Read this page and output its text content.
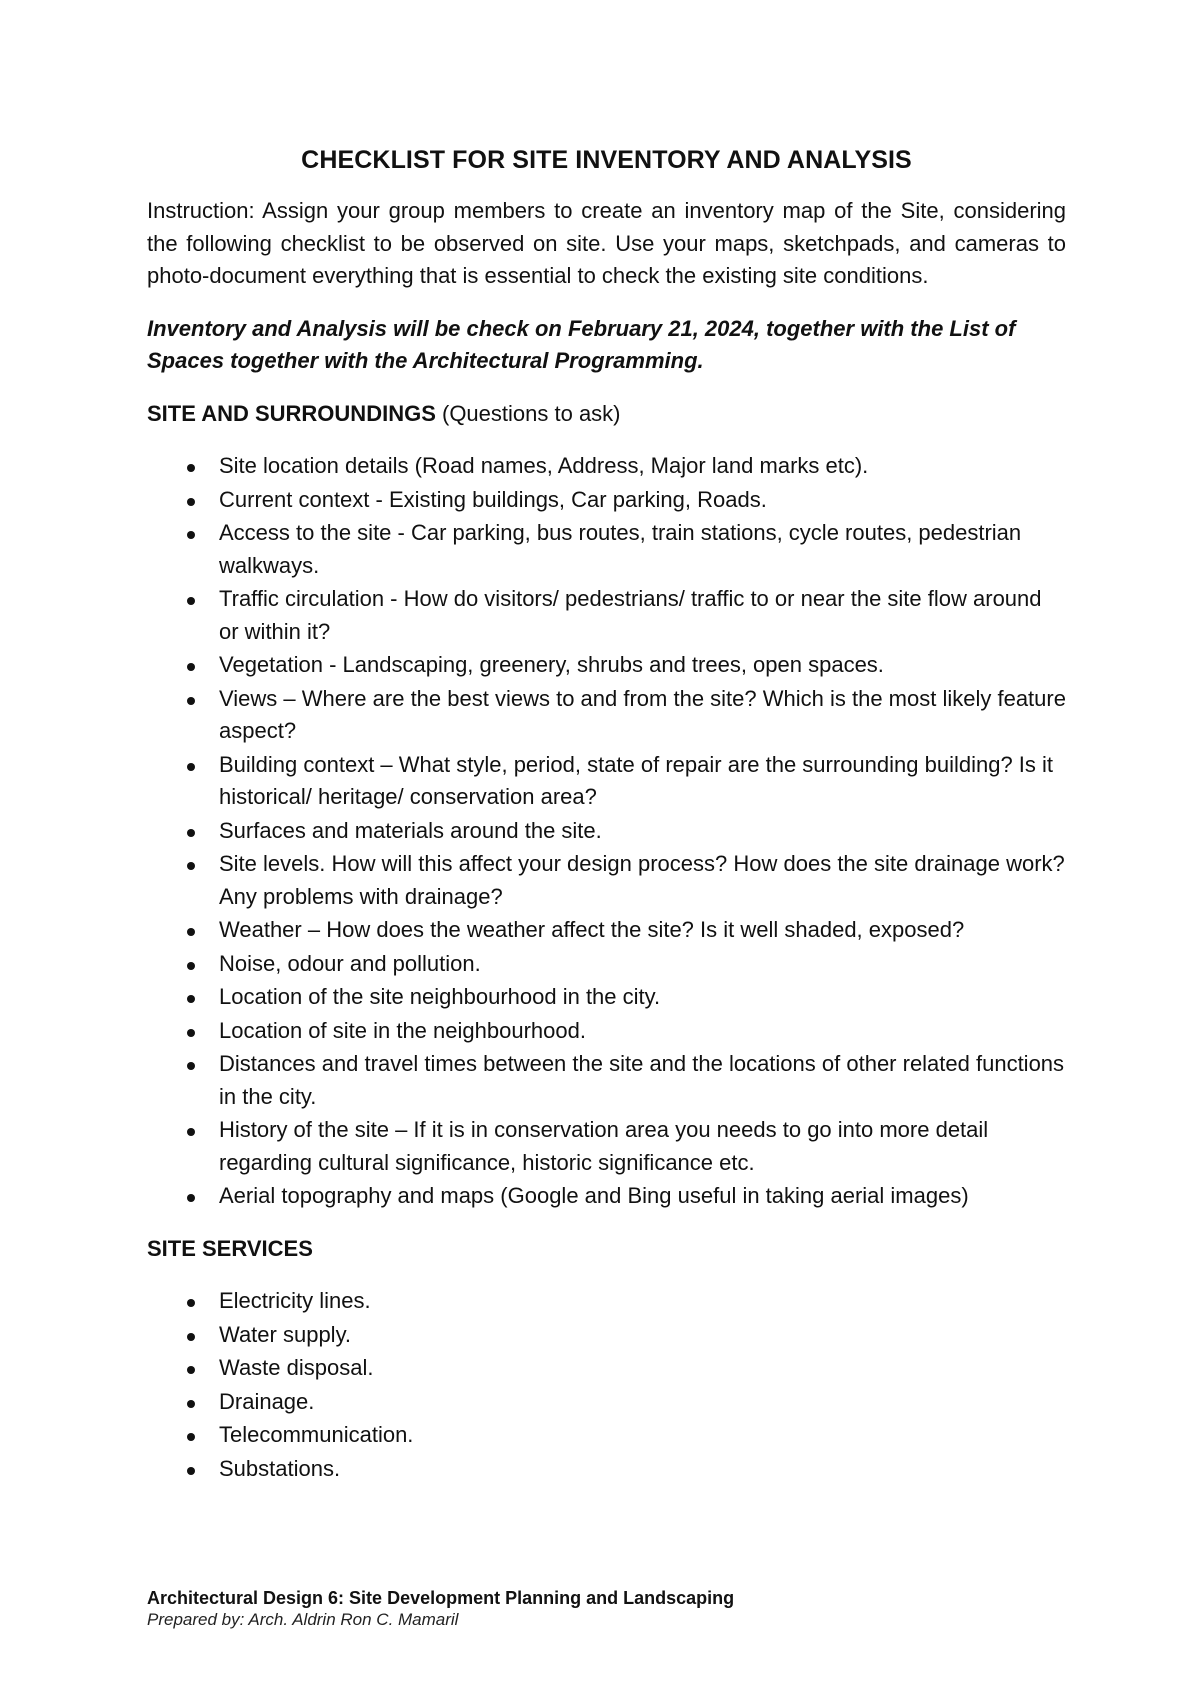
CHECKLIST FOR SITE INVENTORY AND ANALYSIS

Instruction: Assign your group members to create an inventory map of the Site, considering the following checklist to be observed on site. Use your maps, sketchpads, and cameras to photo-document everything that is essential to check the existing site conditions.

Inventory and Analysis will be check on February 21, 2024, together with the List of Spaces together with the Architectural Programming.

SITE AND SURROUNDINGS (Questions to ask)

Site location details (Road names, Address, Major land marks etc).
Current context - Existing buildings, Car parking, Roads.
Access to the site - Car parking, bus routes, train stations, cycle routes, pedestrian walkways.
Traffic circulation - How do visitors/ pedestrians/ traffic to or near the site flow around or within it?
Vegetation - Landscaping, greenery, shrubs and trees, open spaces.
Views – Where are the best views to and from the site? Which is the most likely feature aspect?
Building context – What style, period, state of repair are the surrounding building? Is it historical/ heritage/ conservation area?
Surfaces and materials around the site.
Site levels. How will this affect your design process? How does the site drainage work? Any problems with drainage?
Weather – How does the weather affect the site? Is it well shaded, exposed?
Noise, odour and pollution.
Location of the site neighbourhood in the city.
Location of site in the neighbourhood.
Distances and travel times between the site and the locations of other related functions in the city.
History of the site – If it is in conservation area you needs to go into more detail regarding cultural significance, historic significance etc.
Aerial topography and maps (Google and Bing useful in taking aerial images)

SITE SERVICES

Electricity lines.
Water supply.
Waste disposal.
Drainage.
Telecommunication.
Substations.
Architectural Design 6: Site Development Planning and Landscaping
Prepared by: Arch. Aldrin Ron C. Mamaril
